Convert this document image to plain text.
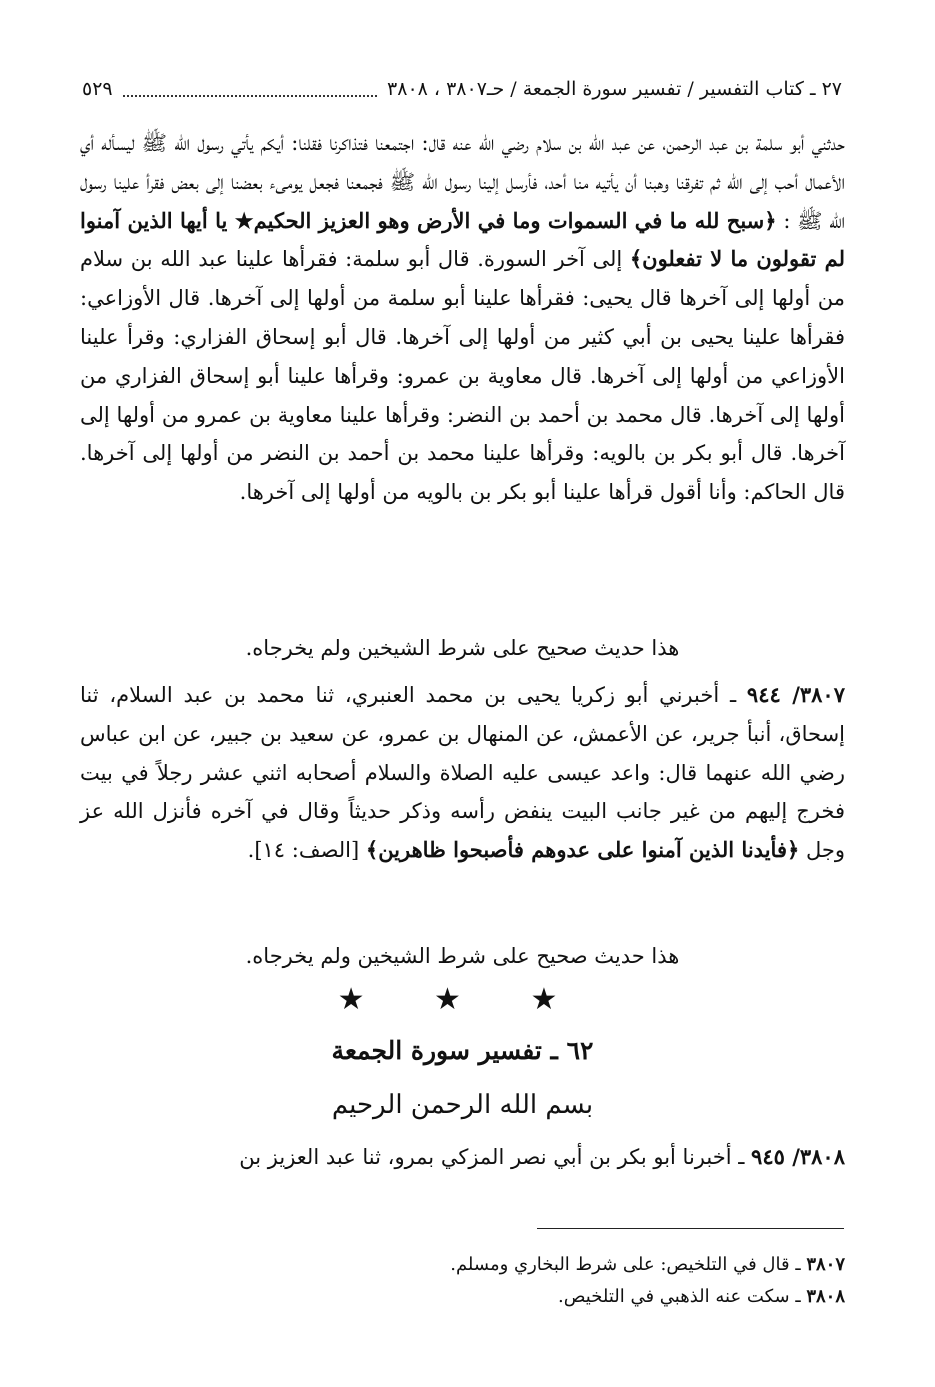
٢٧ ـ كتاب التفسير / تفسير سورة الجمعة / حـ٣٨٠٧ ، ٣٨٠٨
٥٢٩

حدثني أبو سلمة بن عبد الرحمن، عن عبد الله بن سلام رضي الله عنه قال: اجتمعنا فتذاكرنا فقلنا: أيكم يأتي رسول الله ﷺ ليسأله أي الأعمال أحب إلى الله ثم تفرقنا وهبنا أن يأتيه منا أحد، فأرسل إلينا رسول الله ﷺ فجمعنا فجعل يومىء بعضنا إلى بعض فقرأ علينا رسول الله ﷺ : ﴿سبح لله ما في السموات وما في الأرض وهو العزيز الحكيم★ يا أيها الذين آمنوا لم تقولون ما لا تفعلون﴾ إلى آخر السورة. قال أبو سلمة: فقرأها علينا عبد الله بن سلام من أولها إلى آخرها قال يحيى: فقرأها علينا أبو سلمة من أولها إلى آخرها. قال الأوزاعي: فقرأها علينا يحيى بن أبي كثير من أولها إلى آخرها. قال أبو إسحاق الفزاري: وقرأ علينا الأوزاعي من أولها إلى آخرها. قال معاوية بن عمرو: وقرأها علينا أبو إسحاق الفزاري من أولها إلى آخرها. قال محمد بن أحمد بن النضر: وقرأها علينا معاوية بن عمرو من أولها إلى آخرها. قال أبو بكر بن بالويه: وقرأها علينا محمد بن أحمد بن النضر من أولها إلى آخرها. قال الحاكم: وأنا أقول قرأها علينا أبو بكر بن بالويه من أولها إلى آخرها.

هذا حديث صحيح على شرط الشيخين ولم يخرجاه.

٣٨٠٧/ ٩٤٤ ـ أخبرني أبو زكريا يحيى بن محمد العنبري، ثنا محمد بن عبد السلام، ثنا إسحاق، أنبأ جرير، عن الأعمش، عن المنهال بن عمرو، عن سعيد بن جبير، عن ابن عباس رضي الله عنهما قال: واعد عيسى عليه الصلاة والسلام أصحابه اثني عشر رجلاً في بيت فخرج إليهم من غير جانب البيت ينفض رأسه وذكر حديثاً وقال في آخره فأنزل الله عز وجل ﴿فأيدنا الذين آمنوا على عدوهم فأصبحوا ظاهرين﴾ [الصف: ١٤].

هذا حديث صحيح على شرط الشيخين ولم يخرجاه.
★ ★ ★
٦٢ ـ تفسير سورة الجمعة
بسم الله الرحمن الرحيم

٣٨٠٨/ ٩٤٥ ـ أخبرنا أبو بكر بن أبي نصر المزكي بمرو، ثنا عبد العزيز بن

٣٨٠٧ ـ قال في التلخيص: على شرط البخاري ومسلم.
٣٨٠٨ ـ سكت عنه الذهبي في التلخيص.
